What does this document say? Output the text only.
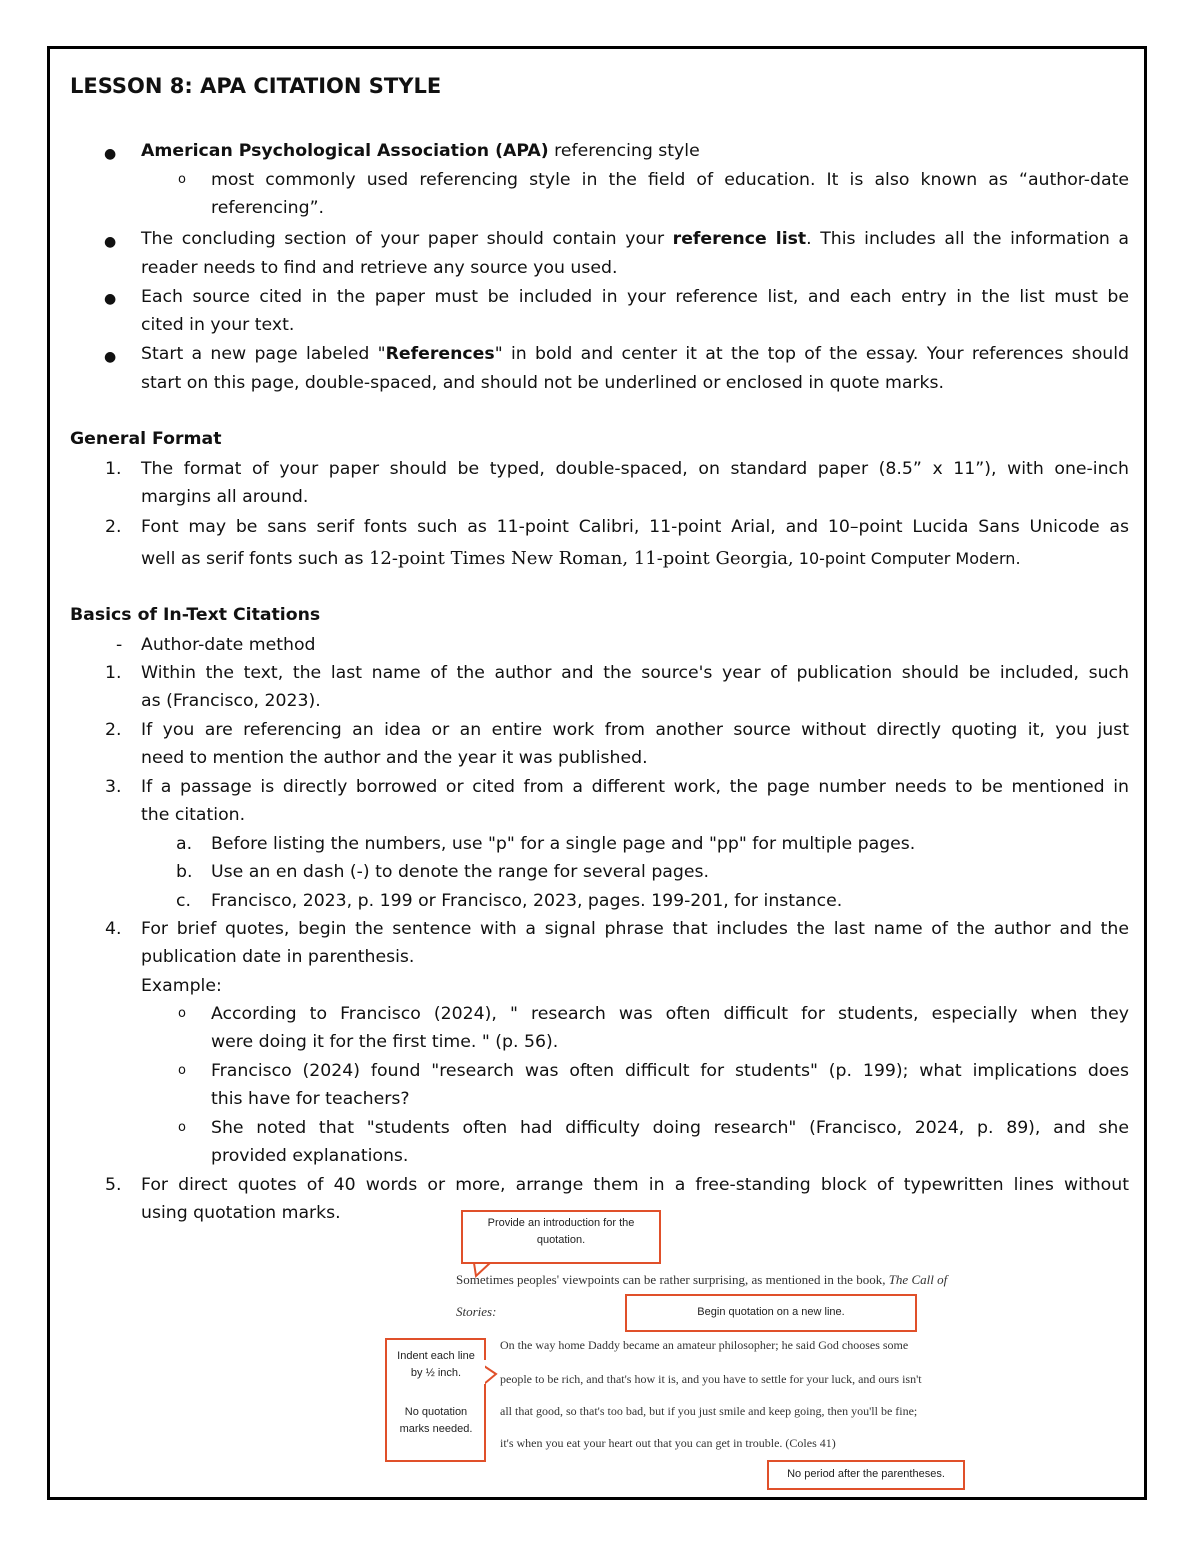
LESSON 8: APA CITATION STYLE
● American Psychological Association (APA) referencing style
o most commonly used referencing style in the field of education. It is also known as “author-date
referencing”.
● The concluding section of your paper should contain your reference list. This includes all the information a
reader needs to find and retrieve any source you used.
● Each source cited in the paper must be included in your reference list, and each entry in the list must be
cited in your text.
● Start a new page labeled "References" in bold and center it at the top of the essay. Your references should
start on this page, double-spaced, and should not be underlined or enclosed in quote marks.
General Format
1. The format of your paper should be typed, double-spaced, on standard paper (8.5” x 11”), with one-inch
margins all around.
2. Font may be sans serif fonts such as 11-point Calibri, 11-point Arial, and 10–point Lucida Sans Unicode as
well as serif fonts such as 12-point Times New Roman, 11-point Georgia, 10-point Computer Modern.
Basics of In-Text Citations
- Author-date method
1. Within the text, the last name of the author and the source's year of publication should be included, such
as (Francisco, 2023).
2. If you are referencing an idea or an entire work from another source without directly quoting it, you just
need to mention the author and the year it was published.
3. If a passage is directly borrowed or cited from a different work, the page number needs to be mentioned in
the citation.
a. Before listing the numbers, use "p" for a single page and "pp" for multiple pages.
b. Use an en dash (-) to denote the range for several pages.
c. Francisco, 2023, p. 199 or Francisco, 2023, pages. 199-201, for instance.
4. For brief quotes, begin the sentence with a signal phrase that includes the last name of the author and the
publication date in parenthesis.
Example:
o According to Francisco (2024), " research was often difficult for students, especially when they
were doing it for the first time. " (p. 56).
o Francisco (2024) found "research was often difficult for students" (p. 199); what implications does
this have for teachers?
o She noted that "students often had difficulty doing research" (Francisco, 2024, p. 89), and she
provided explanations.
5. For direct quotes of 40 words or more, arrange them in a free-standing block of typewritten lines without
using quotation marks.	Provide an introduction for the quotation.
Sometimes peoples' viewpoints can be rather surprising, as mentioned in the book, The Call of
Stories:	Begin quotation on a new line.
Indent each line by ½ inch.
No quotation marks needed.
On the way home Daddy became an amateur philosopher; he said God chooses some
people to be rich, and that's how it is, and you have to settle for your luck, and ours isn't
all that good, so that's too bad, but if you just smile and keep going, then you'll be fine;
it's when you eat your heart out that you can get in trouble. (Coles 41)
No period after the parentheses.
